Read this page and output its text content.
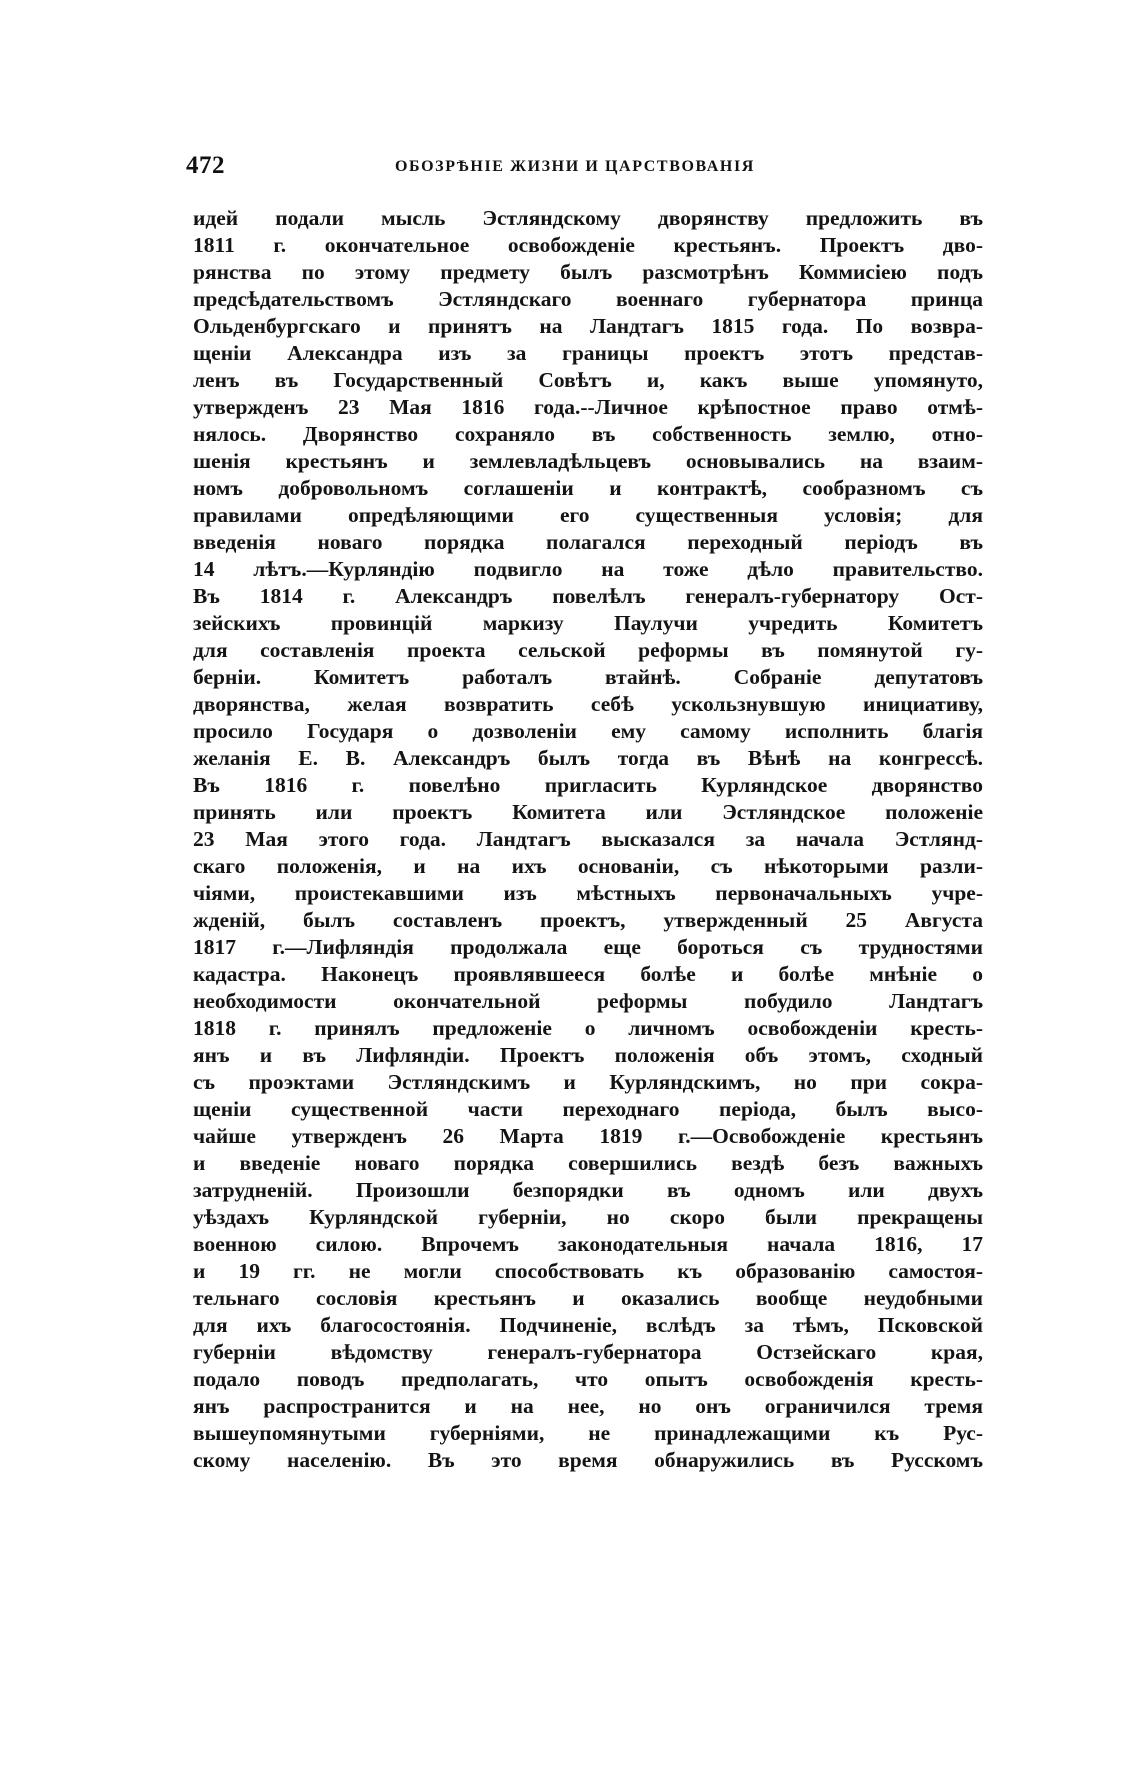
472	ОБОЗРѢНІЕ ЖИЗНИ И ЦАРСТВОВАНІЯ
идей подали мысль Эстляндскому дворянству предложить въ
1811 г. окончательное освобожденіе крестьянъ. Проектъ дво-
рянства по этому предмету былъ разсмотрѣнъ Коммисіею подъ
предсѣдательствомъ Эстляндскаго военнаго губернатора принца
Ольденбургскаго и принятъ на Ландтагъ 1815 года. По возвра-
щеніи Александра изъ за границы проектъ этотъ представ-
ленъ въ Государственный Совѣтъ и, какъ выше упомянуто,
утвержденъ 23 Мая 1816 года.--Личное крѣпостное право отмѣ-
нялось. Дворянство сохраняло въ собственность землю, отно-
шенія крестьянъ и землевладѣльцевъ основывались на взаим-
номъ добровольномъ соглашеніи и контрактѣ, сообразномъ съ
правилами опредѣляющими его существенныя условія; для
введенія новаго порядка полагался переходный періодъ въ
14 лѣтъ.—Курляндію подвигло на тоже дѣло правительство.
Въ 1814 г. Александръ повелѣлъ генералъ-губернатору Ост-
зейскихъ провинцій маркизу Паулучи учредить Комитетъ
для составленія проекта сельской реформы въ помянутой гу-
берніи. Комитетъ работалъ втайнѣ. Собраніе депутатовъ
дворянства, желая возвратить себѣ ускользнувшую инициативу,
просило Государя о дозволеніи ему самому исполнить благія
желанія Е. В. Александръ былъ тогда въ Вѣнѣ на конгрессѣ.
Въ 1816 г. повелѣно пригласить Курляндское дворянство
принять или проектъ Комитета или Эстляндское положеніе
23 Мая этого года. Ландтагъ высказался за начала Эстлянд-
скаго положенія, и на ихъ основаніи, съ нѣкоторыми разли-
чіями, проистекавшими изъ мѣстныхъ первоначальныхъ учре-
жденій, былъ составленъ проектъ, утвержденный 25 Августа
1817 г.—Лифляндія продолжала еще бороться съ трудностями
кадастра. Наконецъ проявлявшееся болѣе и болѣе мнѣніе о
необходимости окончательной реформы побудило Ландтагъ
1818 г. принялъ предложеніе о личномъ освобожденіи кресть-
янъ и въ Лифляндіи. Проектъ положенія объ этомъ, сходный
съ проэктами Эстляндскимъ и Курляндскимъ, но при сокра-
щеніи существенной части переходнаго періода, былъ высо-
чайше утвержденъ 26 Марта 1819 г.—Освобожденіе крестьянъ
и введеніе новаго порядка совершились вездѣ безъ важныхъ
затрудненій. Произошли безпорядки въ одномъ или двухъ
уѣздахъ Курляндской губерніи, но скоро были прекращены
военною силою. Впрочемъ законодательныя начала 1816, 17
и 19 гг. не могли способствовать къ образованію самостоя-
тельнаго сословія крестьянъ и оказались вообще неудобными
для ихъ благосостоянія. Подчиненіе, вслѣдъ за тѣмъ, Псковской
губерніи вѣдомству генералъ-губернатора Остзейскаго края,
подало поводъ предполагать, что опытъ освобожденія кресть-
янъ распространится и на нее, но онъ ограничился тремя
вышеупомянутыми губерніями, не принадлежащими къ Рус-
скому населенію. Въ это время обнаружились въ Русскомъ
